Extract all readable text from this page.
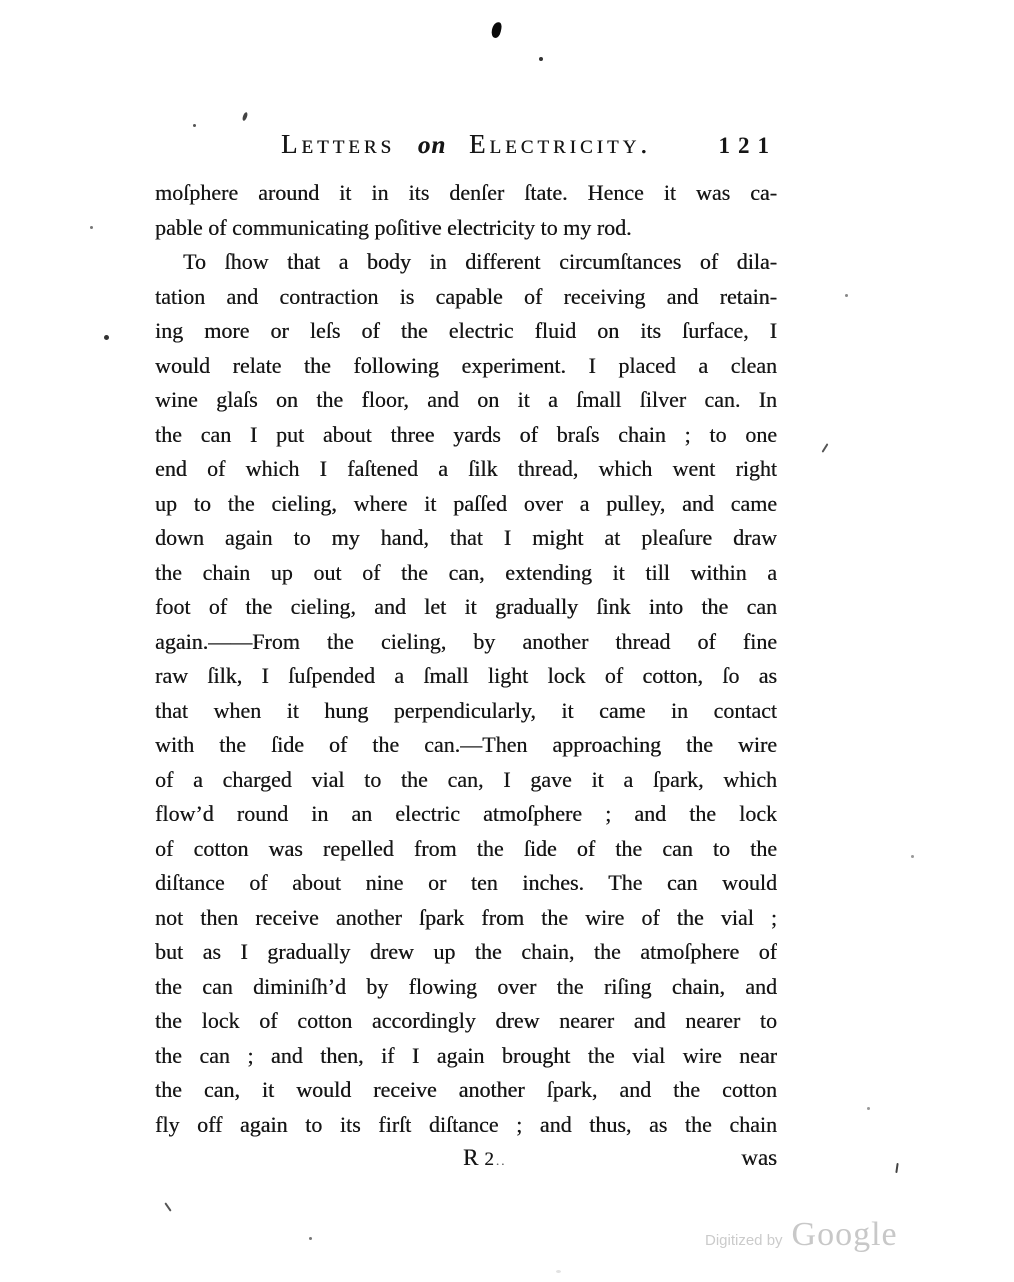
Letters on Electricity.	121
moſphere around it in its denſer ſtate. Hence it was ca-
pable of communicating poſitive electricity to my rod.
To ſhow that a body in different circumſtances of dila-
tation and contraction is capable of receiving and retain-
ing more or leſs of the electric fluid on its ſurface, I
would relate the following experiment. I placed a clean
wine glaſs on the floor, and on it a ſmall ſilver can. In
the can I put about three yards of braſs chain ; to one
end of which I faſtened a ſilk thread, which went right
up to the cieling, where it paſſed over a pulley, and came
down again to my hand, that I might at pleaſure draw
the chain up out of the can, extending it till within a
foot of the cieling, and let it gradually ſink into the can
again.——From the cieling, by another thread of fine
raw ſilk, I ſuſpended a ſmall light lock of cotton, ſo as
that when it hung perpendicularly, it came in contact
with the ſide of the can.—Then approaching the wire
of a charged vial to the can, I gave it a ſpark, which
flow’d round in an electric atmoſphere ; and the lock
of cotton was repelled from the ſide of the can to the
diſtance of about nine or ten inches. The can would
not then receive another ſpark from the wire of the vial ;
but as I gradually drew up the chain, the atmoſphere of
the can diminiſh’d by flowing over the riſing chain, and
the lock of cotton accordingly drew nearer and nearer to
the can ; and then, if I again brought the vial wire near
the can, it would receive another ſpark, and the cotton
fly off again to its firſt diſtance ; and thus, as the chain
R 2 ..	was
Digitized by Google
